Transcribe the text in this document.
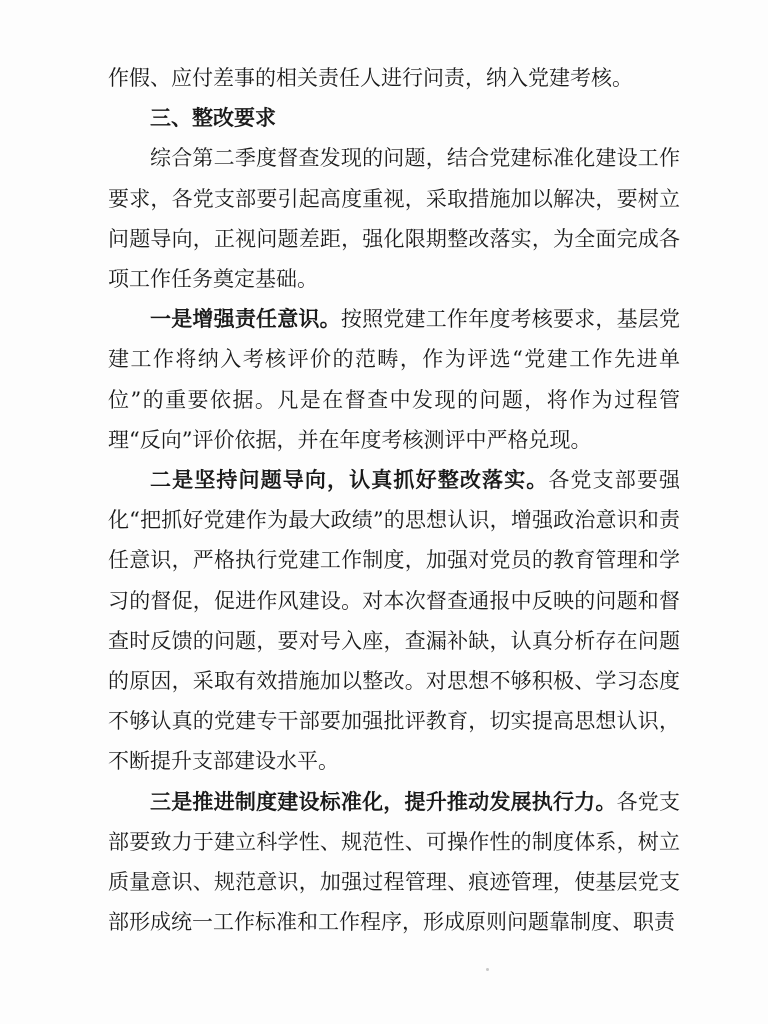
作假、应付差事的相关责任人进行问责，纳入党建考核。

三、整改要求

综合第二季度督查发现的问题，结合党建标准化建设工作要求，各党支部要引起高度重视，采取措施加以解决，要树立问题导向，正视问题差距，强化限期整改落实，为全面完成各项工作任务奠定基础。

一是增强责任意识。按照党建工作年度考核要求，基层党建工作将纳入考核评价的范畴，作为评选“党建工作先进单位”的重要依据。凡是在督查中发现的问题，将作为过程管理“反向”评价依据，并在年度考核测评中严格兑现。

二是坚持问题导向，认真抓好整改落实。各党支部要强化“把抓好党建作为最大政绩”的思想认识，增强政治意识和责任意识，严格执行党建工作制度，加强对党员的教育管理和学习的督促，促进作风建设。对本次督查通报中反映的问题和督查时反馈的问题，要对号入座，查漏补缺，认真分析存在问题的原因，采取有效措施加以整改。对思想不够积极、学习态度不够认真的党建专干部要加强批评教育，切实提高思想认识，不断提升支部建设水平。

三是推进制度建设标准化，提升推动发展执行力。各党支部要致力于建立科学性、规范性、可操作性的制度体系，树立质量意识、规范意识，加强过程管理、痕迹管理，使基层党支部形成统一工作标准和工作程序，形成原则问题靠制度、职责
